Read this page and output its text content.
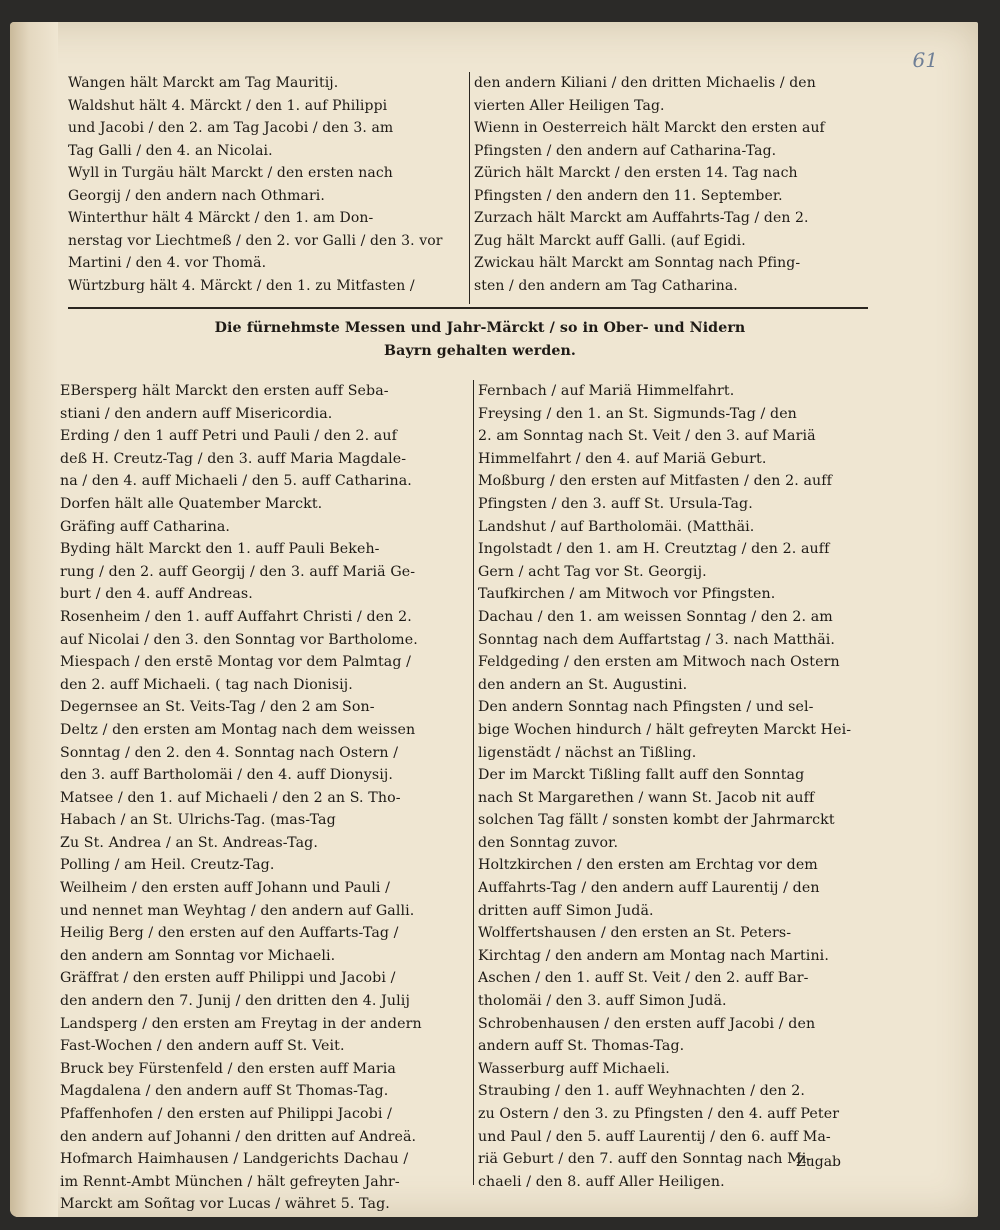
61
Wangen hält Marckt am Tag Mauritij.
Waldshut hält 4. Märckt / den 1. auf Philippi
und Jacobi / den 2. am Tag Jacobi / den 3. am
Tag Galli / den 4. an Nicolai.
Wyll in Turgäu hält Marckt / den ersten nach
Georgij / den andern nach Othmari.
Winterthur hält 4 Märckt / den 1. am Don-
nerstag vor Liechtmeß / den 2. vor Galli / den 3. vor
Martini / den 4. vor Thomä.
Würtzburg hält 4. Märckt / den 1. zu Mitfasten /
den andern Kiliani / den dritten Michaelis / den
vierten Aller Heiligen Tag.
Wienn in Oesterreich hält Marckt den ersten auf
Pfingsten / den andern auf Catharina-Tag.
Zürich hält Marckt / den ersten 14. Tag nach
Pfingsten / den andern den 11. September.
Zurzach hält Marckt am Auffahrts-Tag / den 2.
Zug hält Marckt auff Galli. (auf Egidi.
Zwickau hält Marckt am Sonntag nach Pfing-
sten / den andern am Tag Catharina.
Die fürnehmste Messen und Jahr-Märckt / so in Ober- und Nidern
Bayrn gehalten werden.
EBersperg hält Marckt den ersten auff Seba-
stiani / den andern auff Misericordia.
Erding / den 1 auff Petri und Pauli / den 2. auf
deß H. Creutz-Tag / den 3. auff Maria Magdale-
na / den 4. auff Michaeli / den 5. auff Catharina.
Dorfen hält alle Quatember Marckt.
Gräfing auff Catharina.
Byding hält Marckt den 1. auff Pauli Bekeh-
rung / den 2. auff Georgij / den 3. auff Mariä Ge-
burt / den 4. auff Andreas.
Rosenheim / den 1. auff Auffahrt Christi / den 2.
auf Nicolai / den 3. den Sonntag vor Bartholome.
Miespach / den erstē Montag vor dem Palmtag /
den 2. auff Michaeli. ( tag nach Dionisij.
Degernsee an St. Veits-Tag / den 2 am Son-
Deltz / den ersten am Montag nach dem weissen
Sonntag / den 2. den 4. Sonntag nach Ostern /
den 3. auff Bartholomäi / den 4. auff Dionysij.
Matsee / den 1. auf Michaeli / den 2 an S. Tho-
Habach / an St. Ulrichs-Tag. (mas-Tag
Zu St. Andrea / an St. Andreas-Tag.
Polling / am Heil. Creutz-Tag.
Weilheim / den ersten auff Johann und Pauli /
und nennet man Weyhtag / den andern auf Galli.
Heilig Berg / den ersten auf den Auffarts-Tag /
den andern am Sonntag vor Michaeli.
Gräffrat / den ersten auff Philippi und Jacobi /
den andern den 7. Junij / den dritten den 4. Julij
Landsperg / den ersten am Freytag in der andern
Fast-Wochen / den andern auff St. Veit.
Bruck bey Fürstenfeld / den ersten auff Maria
Magdalena / den andern auff St Thomas-Tag.
Pfaffenhofen / den ersten auf Philippi Jacobi /
den andern auf Johanni / den dritten auf Andreä.
Hofmarch Haimhausen / Landgerichts Dachau /
im Rennt-Ambt München / hält gefreyten Jahr-
Marckt am Soñtag vor Lucas / währet 5. Tag.
Fernbach / auf Mariä Himmelfahrt.
Freysing / den 1. an St. Sigmunds-Tag / den
2. am Sonntag nach St. Veit / den 3. auf Mariä
Himmelfahrt / den 4. auf Mariä Geburt.
Moßburg / den ersten auf Mitfasten / den 2. auff
Pfingsten / den 3. auff St. Ursula-Tag.
Landshut / auf Bartholomäi. (Matthäi.
Ingolstadt / den 1. am H. Creutztag / den 2. auff
Gern / acht Tag vor St. Georgij.
Taufkirchen / am Mitwoch vor Pfingsten.
Dachau / den 1. am weissen Sonntag / den 2. am
Sonntag nach dem Auffartstag / 3. nach Matthäi.
Feldgeding / den ersten am Mitwoch nach Ostern
den andern an St. Augustini.
Den andern Sonntag nach Pfingsten / und sel-
bige Wochen hindurch / hält gefreyten Marckt Hei-
ligenstädt / nächst an Tißling.
Der im Marckt Tißling fallt auff den Sonntag
nach St Margarethen / wann St. Jacob nit auff
solchen Tag fällt / sonsten kombt der Jahrmarckt
den Sonntag zuvor.
Holtzkirchen / den ersten am Erchtag vor dem
Auffahrts-Tag / den andern auff Laurentij / den
dritten auff Simon Judä.
Wolffertshausen / den ersten an St. Peters-
Kirchtag / den andern am Montag nach Martini.
Aschen / den 1. auff St. Veit / den 2. auff Bar-
tholomäi / den 3. auff Simon Judä.
Schrobenhausen / den ersten auff Jacobi / den
andern auff St. Thomas-Tag.
Wasserburg auff Michaeli.
Straubing / den 1. auff Weyhnachten / den 2.
zu Ostern / den 3. zu Pfingsten / den 4. auff Peter
und Paul / den 5. auff Laurentij / den 6. auff Ma-
riä Geburt / den 7. auff den Sonntag nach Mi-
chaeli / den 8. auff Aller Heiligen.
Zugab
